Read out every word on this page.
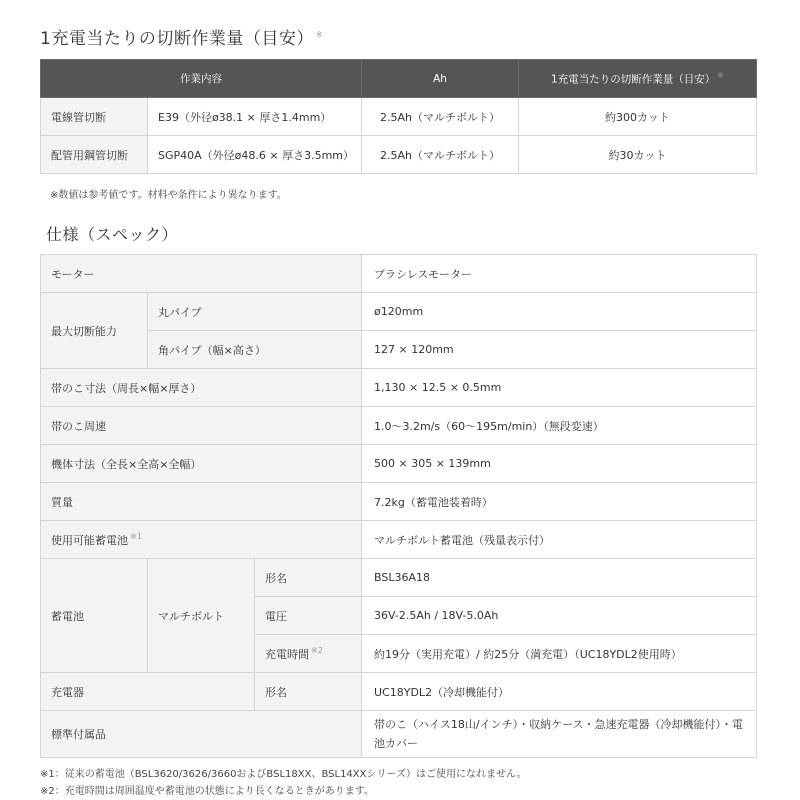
1充電当たりの切断作業量（目安） ※
作業内容		Ah	1充電当たりの切断作業量（目安） ※
電線管切断	E39（外径ø38.1 × 厚さ1.4mm）	2.5Ah（マルチボルト）	約300カット
配管用鋼管切断	SGP40A（外径ø48.6 × 厚さ3.5mm）	2.5Ah（マルチボルト）	約30カット
※数値は参考値です。材料や条件により異なります。
仕様（スペック）
モーター			ブラシレスモーター
最大切断能力	丸パイプ		ø120mm
	角パイプ（幅×高さ）		127 × 120mm
帯のこ寸法（周長×幅×厚さ）			1,130 × 12.5 × 0.5mm
帯のこ周速			1.0～3.2m/s（60～195m/min）（無段変速）
機体寸法（全長×全高×全幅）			500 × 305 × 139mm
質量			7.2kg（蓄電池装着時）
使用可能蓄電池 $^{※1}$			マルチボルト蓄電池（残量表示付）
蓄電池	マルチボルト	形名	BSL36A18
		電圧	36V-2.5Ah / 18V-5.0Ah
		充電時間 $^{※2}$	約19分（実用充電）/ 約25分（満充電）（UC18YDL2使用時）
充電器		形名	UC18YDL2（冷却機能付）
標準付属品			帯のこ（ハイス18山/インチ）・収納ケース・急速充電器（冷却機能付）・電池カバー
※1：従来の蓄電池（BSL3620/3626/3660およびBSL18XX、BSL14XXシリーズ）はご使用になれません。
※2：充電時間は周囲温度や蓄電池の状態により長くなるときがあります。
